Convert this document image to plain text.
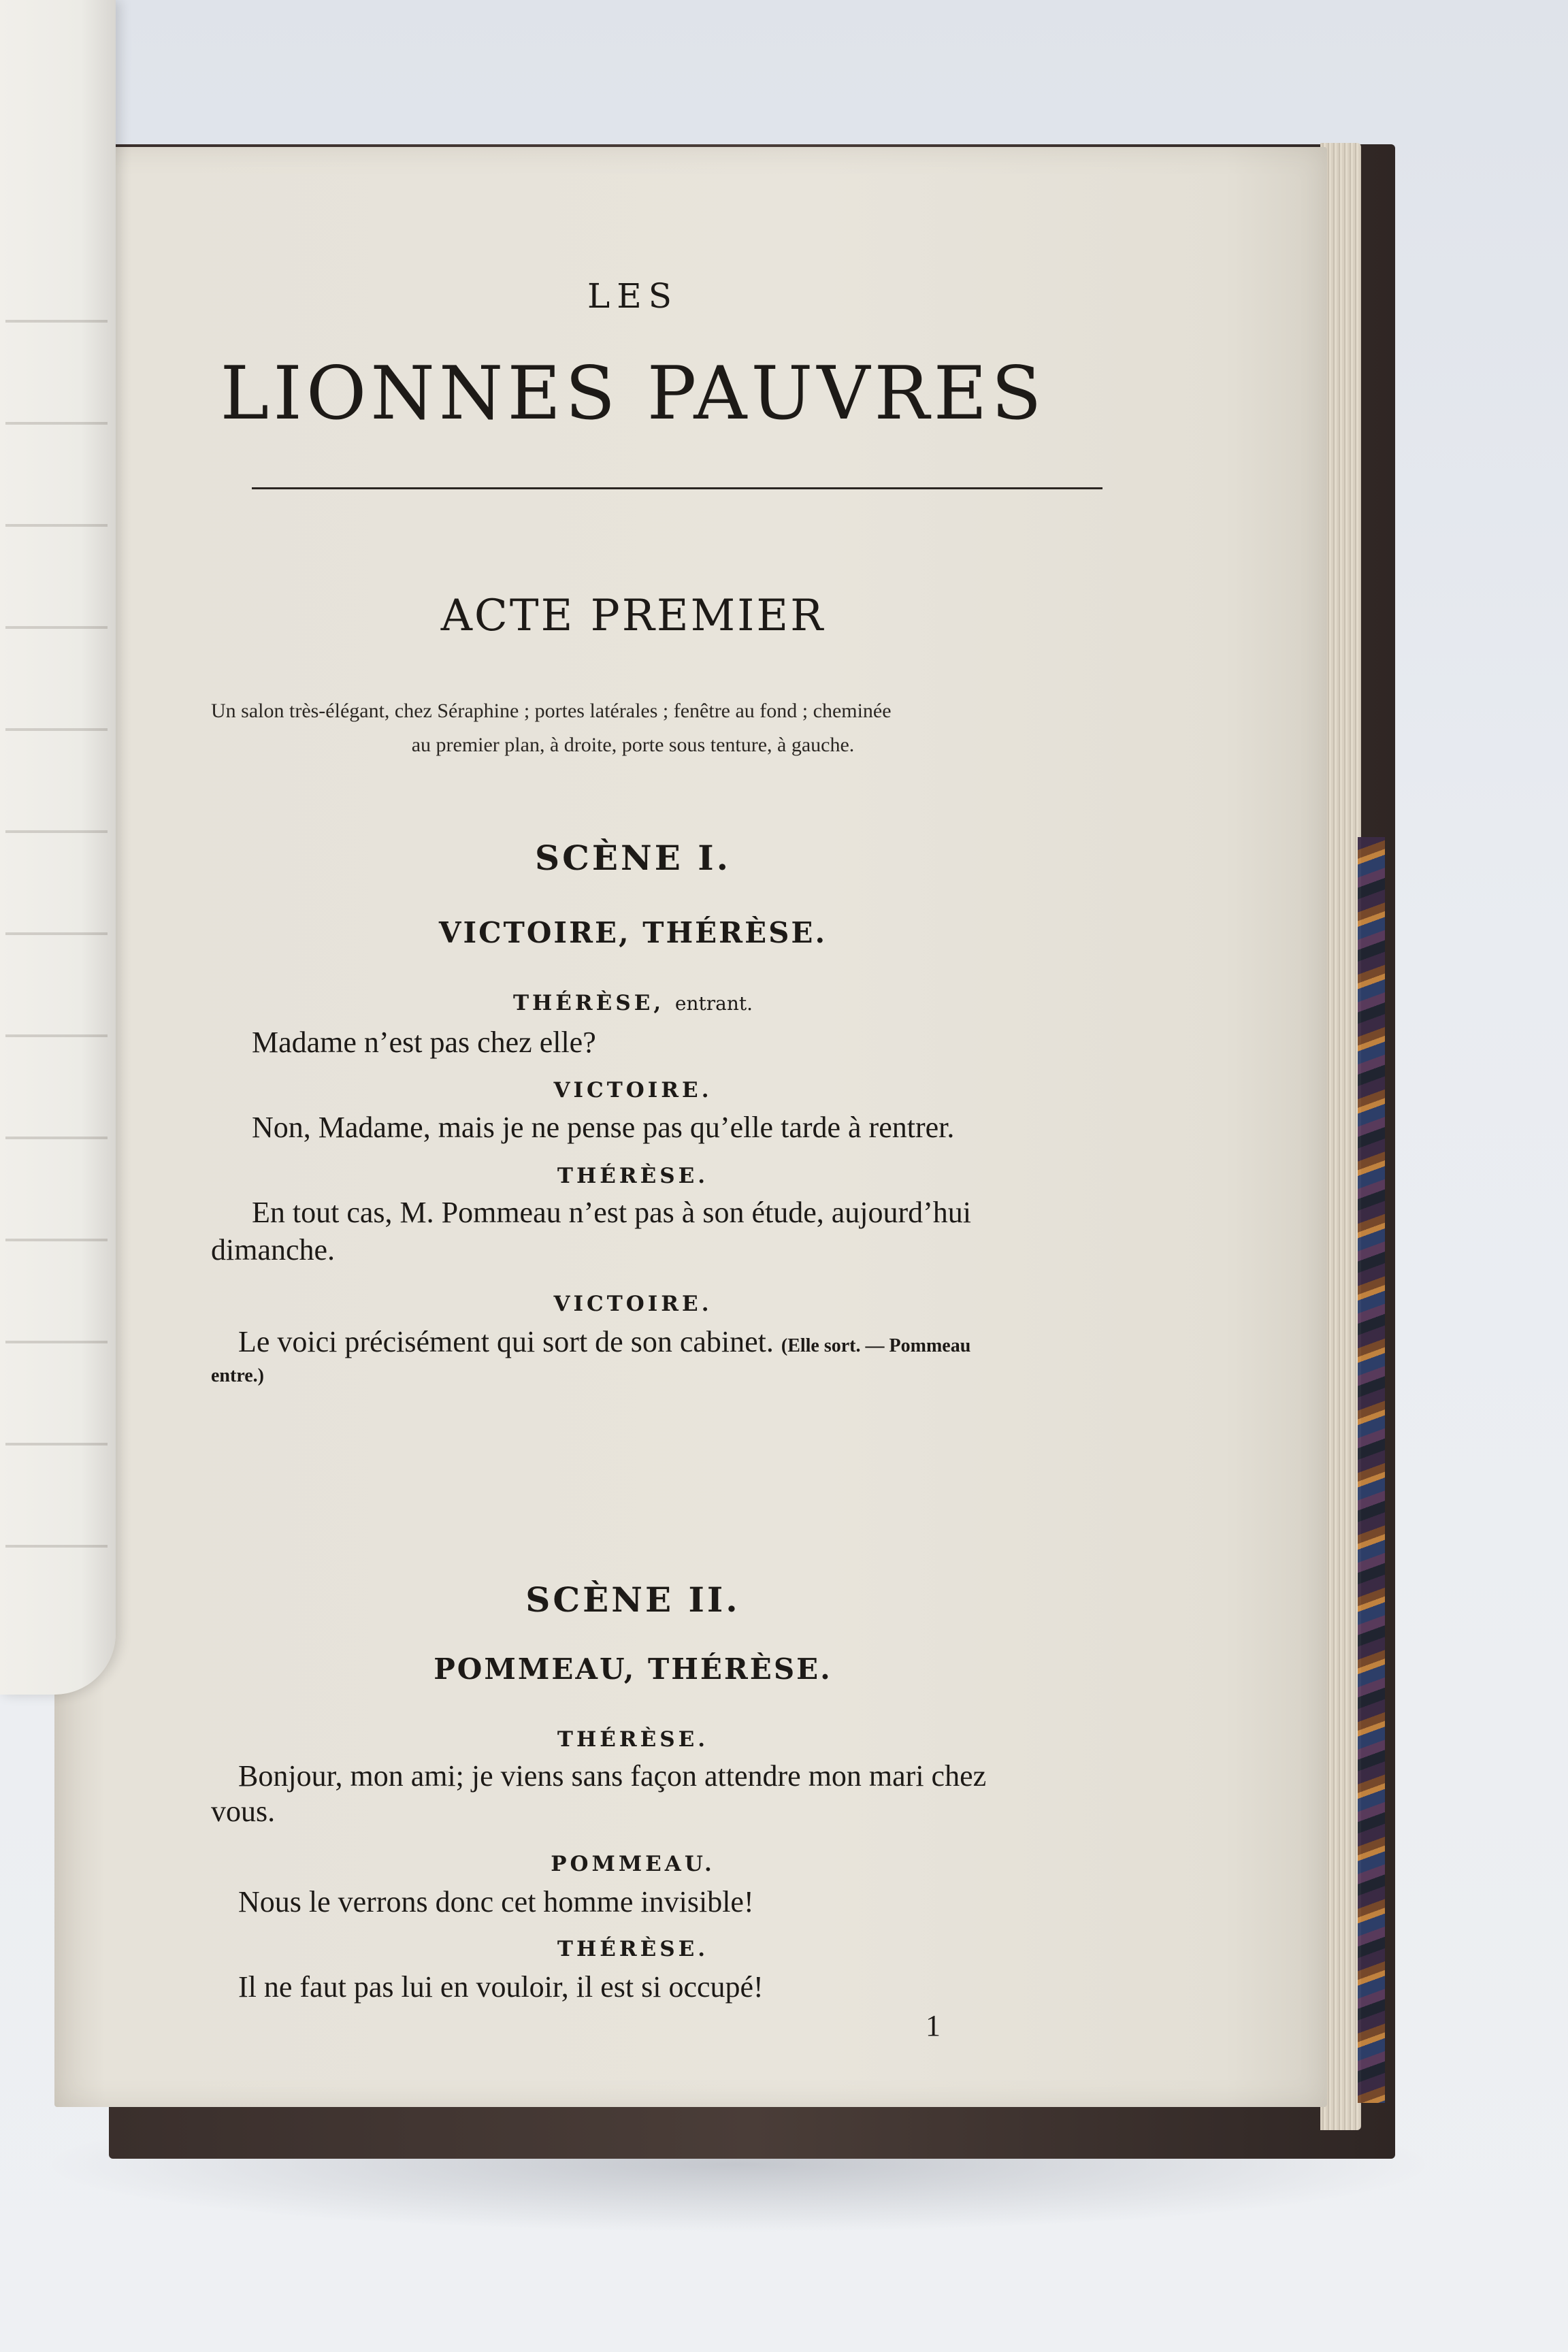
LES
LIONNES PAUVRES
ACTE PREMIER
Un salon très-élégant, chez Séraphine ; portes latérales ; fenêtre au fond ; cheminée
au premier plan, à droite, porte sous tenture, à gauche.
SCÈNE I.
VICTOIRE, THÉRÈSE.
THÉRÈSE, entrant.
Madame n’est pas chez elle?
VICTOIRE.
Non, Madame, mais je ne pense pas qu’elle tarde à rentrer.
THÉRÈSE.
En tout cas, M. Pommeau n’est pas à son étude, aujourd’hui
dimanche.
VICTOIRE.
Le voici précisément qui sort de son cabinet. (Elle sort. — Pommeau
entre.)
SCÈNE II.
POMMEAU, THÉRÈSE.
THÉRÈSE.
Bonjour, mon ami; je viens sans façon attendre mon mari chez
vous.
POMMEAU.
Nous le verrons donc cet homme invisible!
THÉRÈSE.
Il ne faut pas lui en vouloir, il est si occupé!
1
